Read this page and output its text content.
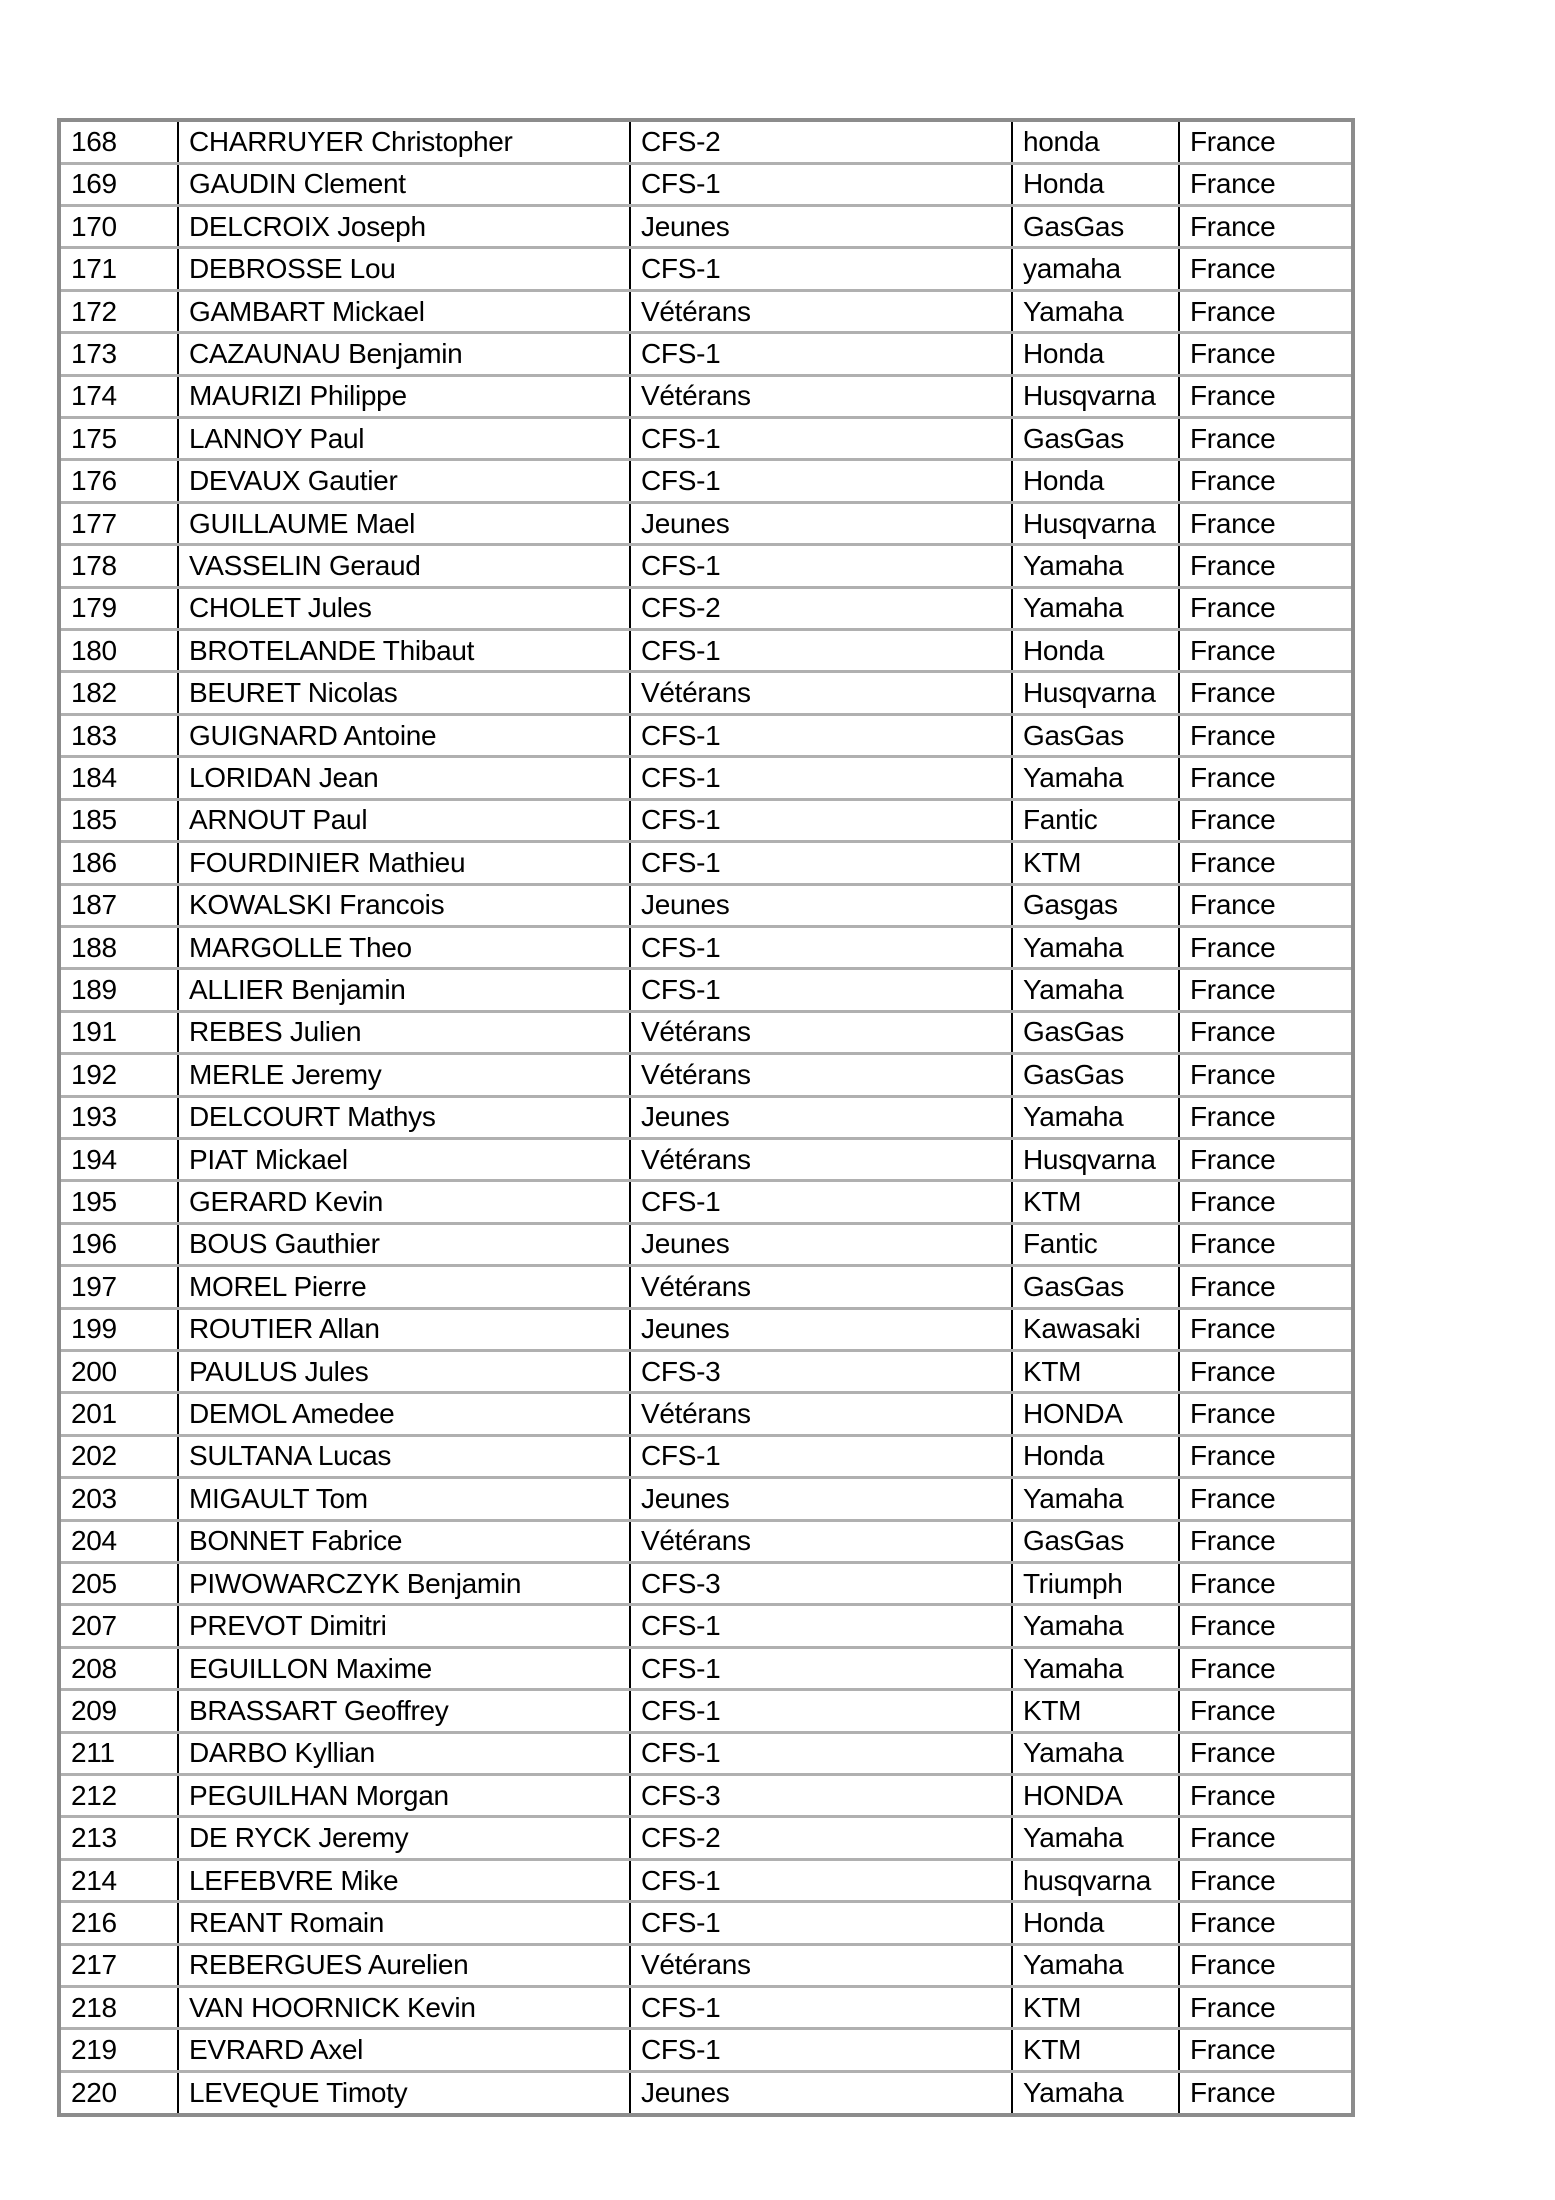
168	CHARRUYER Christopher	CFS-2	honda	France
169	GAUDIN Clement	CFS-1	Honda	France
170	DELCROIX Joseph	Jeunes	GasGas	France
171	DEBROSSE Lou	CFS-1	yamaha	France
172	GAMBART Mickael	Vétérans	Yamaha	France
173	CAZAUNAU Benjamin	CFS-1	Honda	France
174	MAURIZI Philippe	Vétérans	Husqvarna	France
175	LANNOY Paul	CFS-1	GasGas	France
176	DEVAUX Gautier	CFS-1	Honda	France
177	GUILLAUME Mael	Jeunes	Husqvarna	France
178	VASSELIN Geraud	CFS-1	Yamaha	France
179	CHOLET Jules	CFS-2	Yamaha	France
180	BROTELANDE Thibaut	CFS-1	Honda	France
182	BEURET Nicolas	Vétérans	Husqvarna	France
183	GUIGNARD Antoine	CFS-1	GasGas	France
184	LORIDAN Jean	CFS-1	Yamaha	France
185	ARNOUT Paul	CFS-1	Fantic	France
186	FOURDINIER Mathieu	CFS-1	KTM	France
187	KOWALSKI Francois	Jeunes	Gasgas	France
188	MARGOLLE Theo	CFS-1	Yamaha	France
189	ALLIER Benjamin	CFS-1	Yamaha	France
191	REBES Julien	Vétérans	GasGas	France
192	MERLE Jeremy	Vétérans	GasGas	France
193	DELCOURT Mathys	Jeunes	Yamaha	France
194	PIAT Mickael	Vétérans	Husqvarna	France
195	GERARD Kevin	CFS-1	KTM	France
196	BOUS Gauthier	Jeunes	Fantic	France
197	MOREL Pierre	Vétérans	GasGas	France
199	ROUTIER Allan	Jeunes	Kawasaki	France
200	PAULUS Jules	CFS-3	KTM	France
201	DEMOL Amedee	Vétérans	HONDA	France
202	SULTANA Lucas	CFS-1	Honda	France
203	MIGAULT Tom	Jeunes	Yamaha	France
204	BONNET Fabrice	Vétérans	GasGas	France
205	PIWOWARCZYK Benjamin	CFS-3	Triumph	France
207	PREVOT Dimitri	CFS-1	Yamaha	France
208	EGUILLON Maxime	CFS-1	Yamaha	France
209	BRASSART Geoffrey	CFS-1	KTM	France
211	DARBO Kyllian	CFS-1	Yamaha	France
212	PEGUILHAN Morgan	CFS-3	HONDA	France
213	DE RYCK Jeremy	CFS-2	Yamaha	France
214	LEFEBVRE Mike	CFS-1	husqvarna	France
216	REANT Romain	CFS-1	Honda	France
217	REBERGUES Aurelien	Vétérans	Yamaha	France
218	VAN HOORNICK Kevin	CFS-1	KTM	France
219	EVRARD Axel	CFS-1	KTM	France
220	LEVEQUE Timoty	Jeunes	Yamaha	France
